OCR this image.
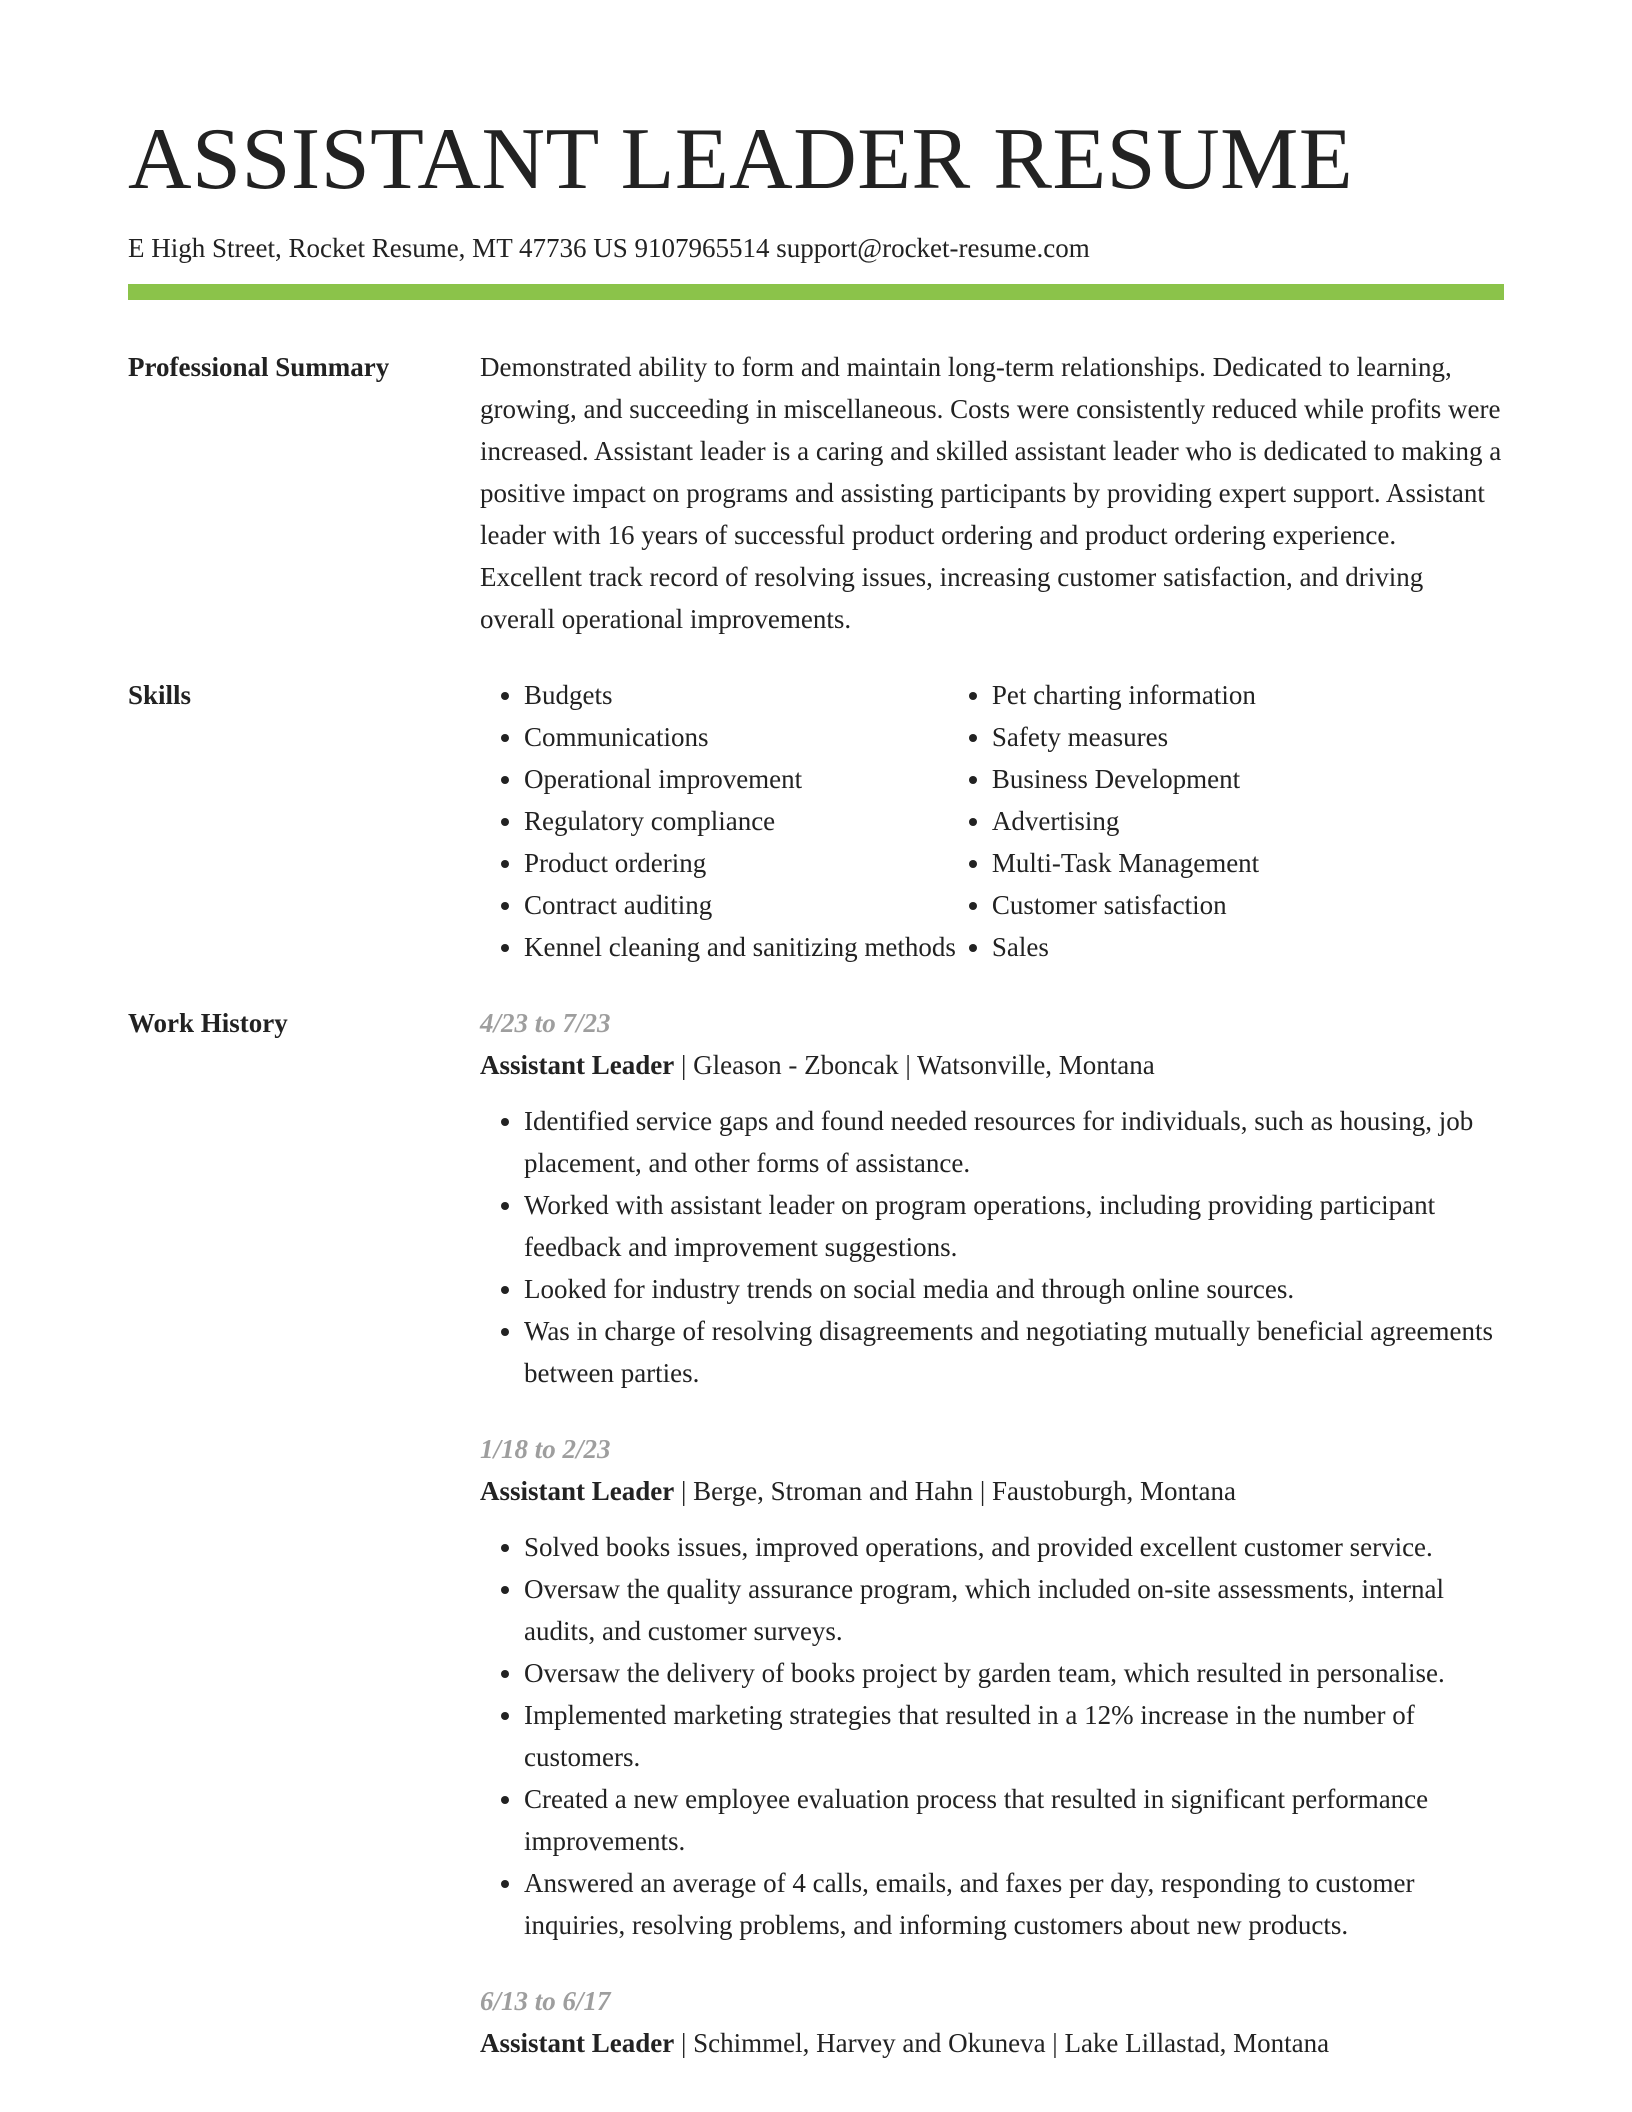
ASSISTANT LEADER RESUME
E High Street, Rocket Resume, MT 47736 US 9107965514 support@rocket-resume.com
Professional Summary	Demonstrated ability to form and maintain long-term relationships. Dedicated to learning, growing, and succeeding in miscellaneous. Costs were consistently reduced while profits were increased. Assistant leader is a caring and skilled assistant leader who is dedicated to making a positive impact on programs and assisting participants by providing expert support. Assistant leader with 16 years of successful product ordering and product ordering experience. Excellent track record of resolving issues, increasing customer satisfaction, and driving overall operational improvements.

Skills
•	Budgets
• Communications
• Operational improvement
• Regulatory compliance
• Product ordering
• Contract auditing
• Kennel cleaning and sanitizing methods
• Pet charting information
• Safety measures
• Business Development
• Advertising
• Multi-Task Management
• Customer satisfaction
• Sales
Work History	4/23 to 7/23
Assistant Leader | Gleason - Zboncak | Watsonville, Montana
• Identified service gaps and found needed resources for individuals, such as housing, job placement, and other forms of assistance.
• Worked with assistant leader on program operations, including providing participant feedback and improvement suggestions.
• Looked for industry trends on social media and through online sources.
• Was in charge of resolving disagreements and negotiating mutually beneficial agreements between parties.
1/18 to 2/23
Assistant Leader | Berge, Stroman and Hahn | Faustoburgh, Montana
• Solved books issues, improved operations, and provided excellent customer service.
• Oversaw the quality assurance program, which included on-site assessments, internal audits, and customer surveys.
• Oversaw the delivery of books project by garden team, which resulted in personalise.
• Implemented marketing strategies that resulted in a 12% increase in the number of customers.
• Created a new employee evaluation process that resulted in significant performance improvements.
• Answered an average of 4 calls, emails, and faxes per day, responding to customer inquiries, resolving problems, and informing customers about new products.
6/13 to 6/17
Assistant Leader | Schimmel, Harvey and Okuneva | Lake Lillastad, Montana
